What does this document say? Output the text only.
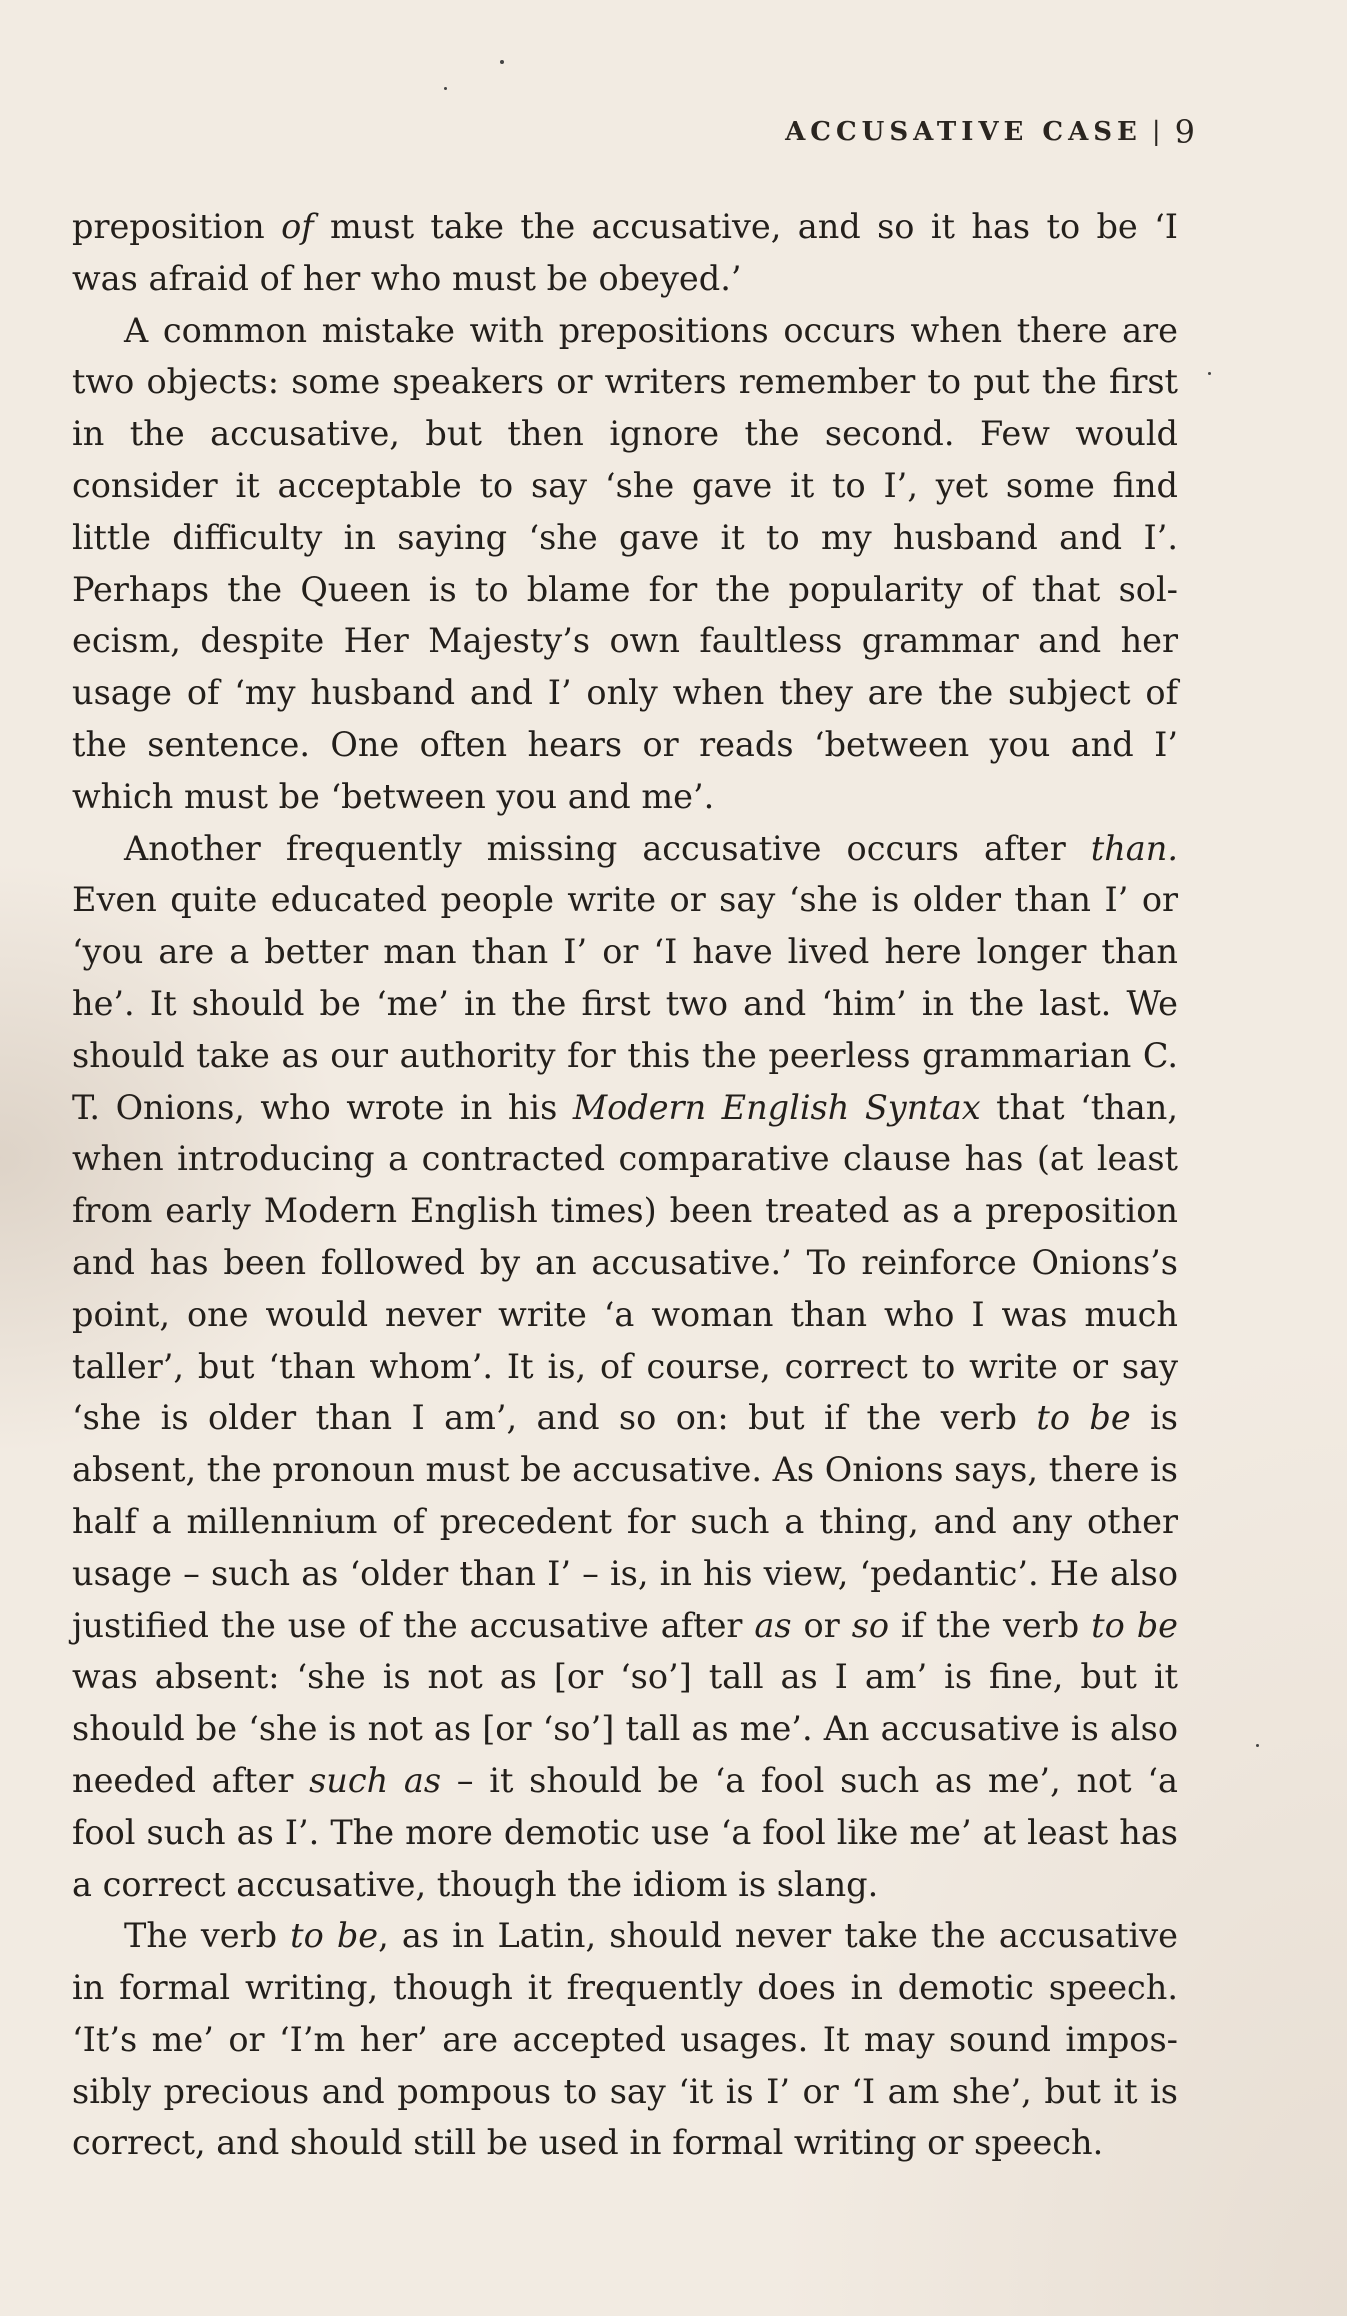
ACCUSATIVE CASE | 9

preposition of must take the accusative, and so it has to be ‘I was afraid of her who must be obeyed.’

A common mistake with prepositions occurs when there are two objects: some speakers or writers remember to put the first in the accusative, but then ignore the second. Few would consider it acceptable to say ‘she gave it to I’, yet some find little difficulty in saying ‘she gave it to my husband and I’. Perhaps the Queen is to blame for the popularity of that solecism, despite Her Majesty’s own faultless grammar and her usage of ‘my husband and I’ only when they are the subject of the sentence. One often hears or reads ‘between you and I’ which must be ‘between you and me’.

Another frequently missing accusative occurs after than. Even quite educated people write or say ‘she is older than I’ or ‘you are a better man than I’ or ‘I have lived here longer than he’. It should be ‘me’ in the first two and ‘him’ in the last. We should take as our authority for this the peerless grammarian C. T. Onions, who wrote in his Modern English Syntax that ‘than, when introducing a contracted comparative clause has (at least from early Modern English times) been treated as a preposition and has been followed by an accusative.’ To reinforce Onions’s point, one would never write ‘a woman than who I was much taller’, but ‘than whom’. It is, of course, correct to write or say ‘she is older than I am’, and so on: but if the verb to be is absent, the pronoun must be accusative. As Onions says, there is half a millennium of precedent for such a thing, and any other usage – such as ‘older than I’ – is, in his view, ‘pedantic’. He also justified the use of the accusative after as or so if the verb to be was absent: ‘she is not as [or ‘so’] tall as I am’ is fine, but it should be ‘she is not as [or ‘so’] tall as me’. An accusative is also needed after such as – it should be ‘a fool such as me’, not ‘a fool such as I’. The more demotic use ‘a fool like me’ at least has a correct accusative, though the idiom is slang.

The verb to be, as in Latin, should never take the accusative in formal writing, though it frequently does in demotic speech. ‘It’s me’ or ‘I’m her’ are accepted usages. It may sound impossibly precious and pompous to say ‘it is I’ or ‘I am she’, but it is correct, and should still be used in formal writing or speech.
